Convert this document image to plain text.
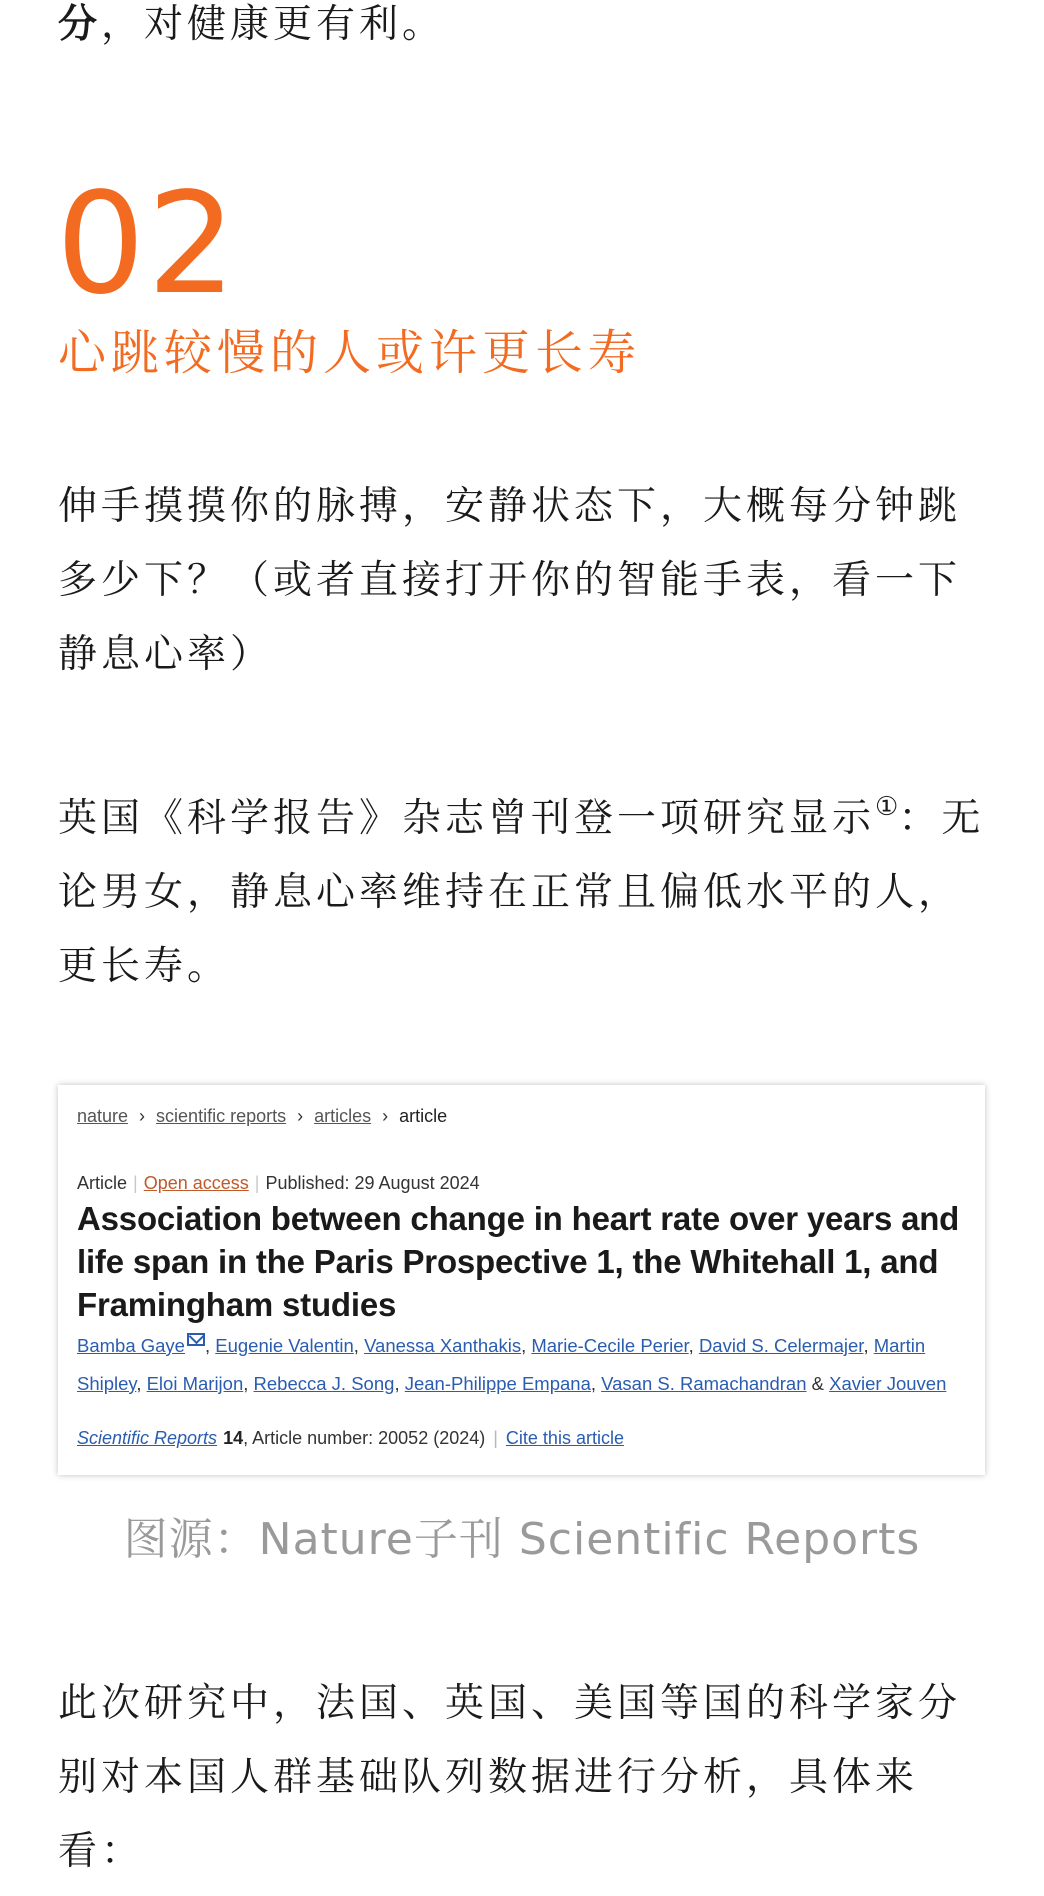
分，对健康更有利。

02

心跳较慢的人或许更长寿

伸手摸摸你的脉搏，安静状态下，大概每分钟跳多少下？（或者直接打开你的智能手表，看一下静息心率）

英国《科学报告》杂志曾刊登一项研究显示①：无论男女，静息心率维持在正常且偏低水平的人，更长寿。

nature › scientific reports › articles › article
Article | Open access | Published: 29 August 2024
Association between change in heart rate over years and life span in the Paris Prospective 1, the Whitehall 1, and Framingham studies

Bamba Gaye , Eugenie Valentin, Vanessa Xanthakis, Marie-Cecile Perier, David S. Celermajer, Martin Shipley, Eloi Marijon, Rebecca J. Song, Jean-Philippe Empana, Vasan S. Ramachandran & Xavier Jouven

Scientific Reports 14, Article number: 20052 (2024) | Cite this article

图源：Nature子刊 Scientific Reports

此次研究中，法国、英国、美国等国的科学家分别对本国人群基础队列数据进行分析，具体来看：
